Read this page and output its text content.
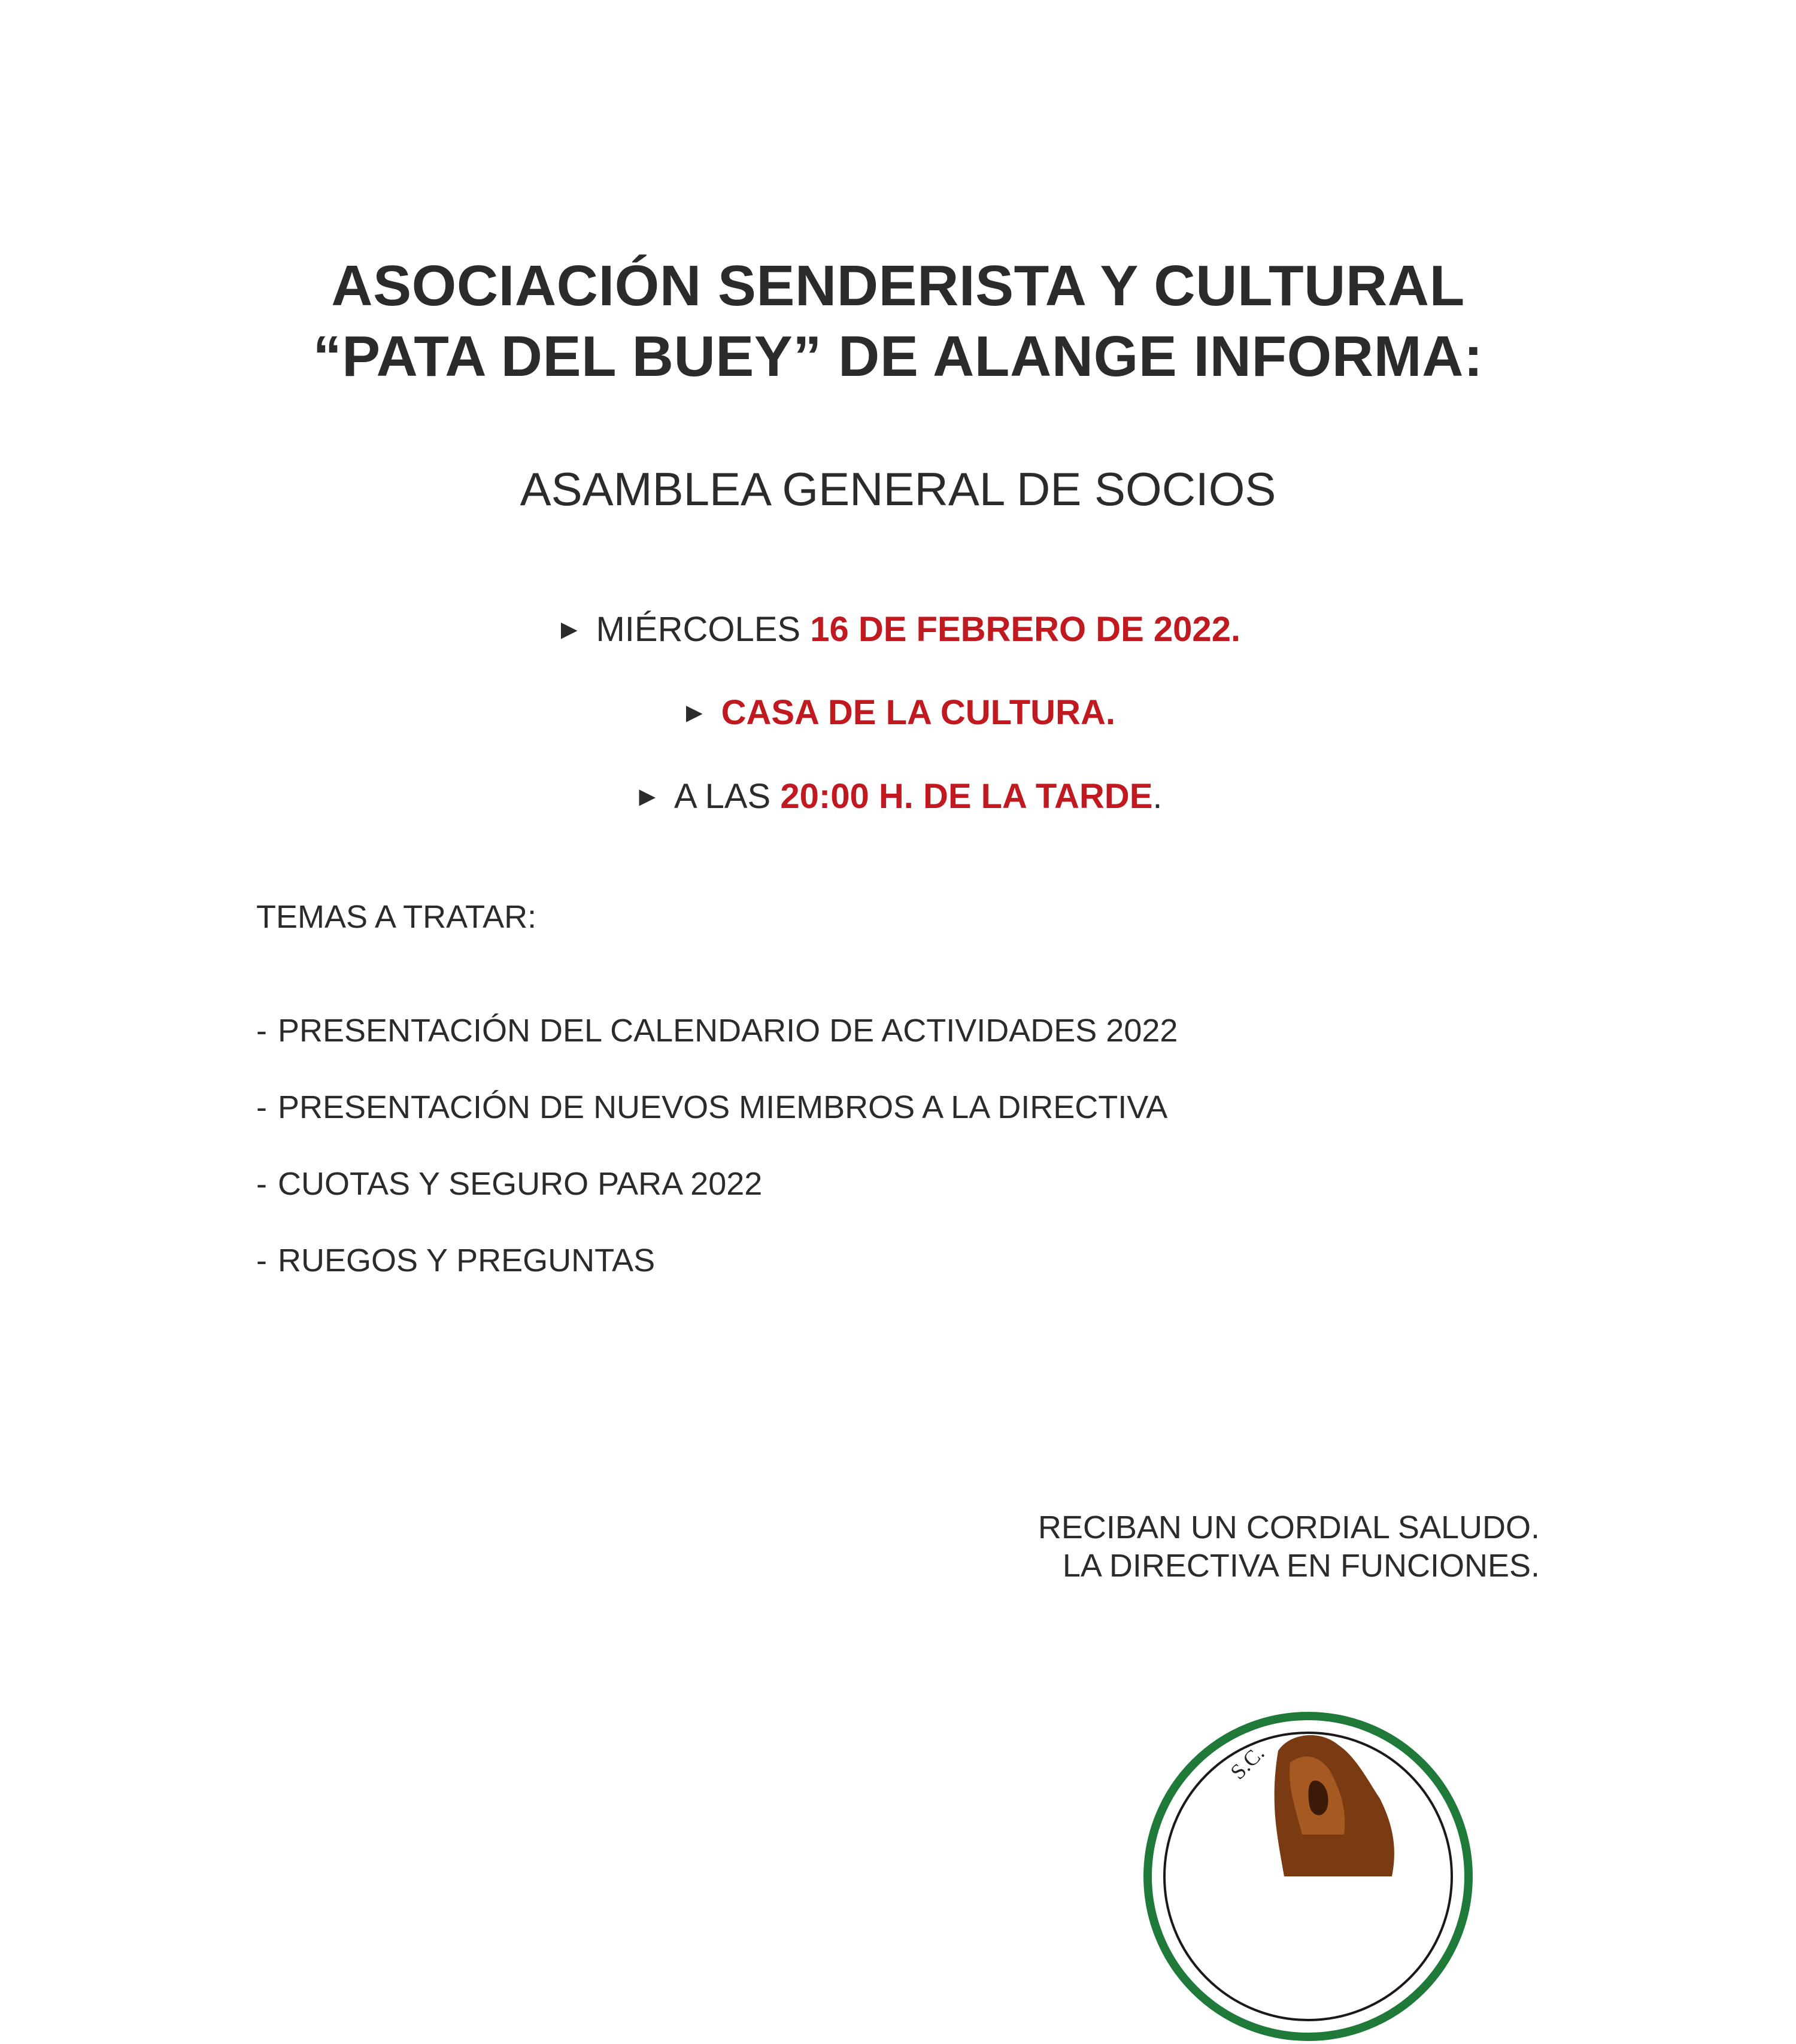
ASOCIACIÓN SENDERISTA Y CULTURAL
“PATA DEL BUEY” DE ALANGE INFORMA:
ASAMBLEA GENERAL DE SOCIOS
► MIÉRCOLES 16 DE FEBRERO DE 2022.
► CASA DE LA CULTURA.
► A LAS 20:00 H. DE LA TARDE.
TEMAS A TRATAR:
- PRESENTACIÓN DEL CALENDARIO DE ACTIVIDADES 2022
- PRESENTACIÓN DE NUEVOS MIEMBROS A LA DIRECTIVA
- CUOTAS Y SEGURO PARA 2022
- RUEGOS Y PREGUNTAS
RECIBAN UN CORDIAL SALUDO.
LA DIRECTIVA EN FUNCIONES.
S.C.
